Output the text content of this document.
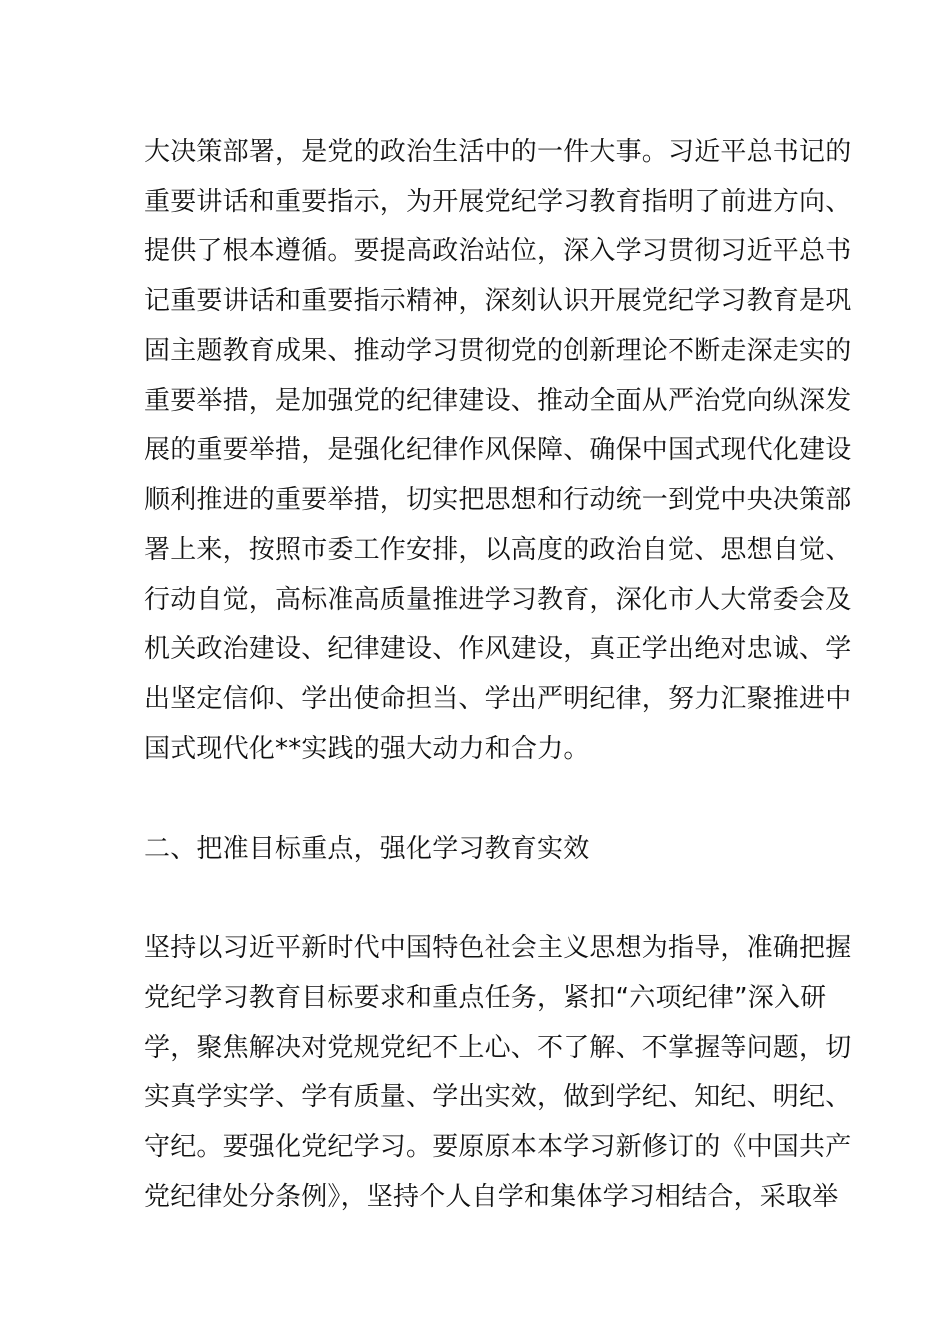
大决策部署，是党的政治生活中的一件大事。习近平总书记的
重要讲话和重要指示，为开展党纪学习教育指明了前进方向、
提供了根本遵循。要提高政治站位，深入学习贯彻习近平总书
记重要讲话和重要指示精神，深刻认识开展党纪学习教育是巩
固主题教育成果、推动学习贯彻党的创新理论不断走深走实的
重要举措，是加强党的纪律建设、推动全面从严治党向纵深发
展的重要举措，是强化纪律作风保障、确保中国式现代化建设
顺利推进的重要举措，切实把思想和行动统一到党中央决策部
署上来，按照市委工作安排，以高度的政治自觉、思想自觉、
行动自觉，高标准高质量推进学习教育，深化市人大常委会及
机关政治建设、纪律建设、作风建设，真正学出绝对忠诚、学
出坚定信仰、学出使命担当、学出严明纪律，努力汇聚推进中
国式现代化**实践的强大动力和合力。
二、把准目标重点，强化学习教育实效
坚持以习近平新时代中国特色社会主义思想为指导，准确把握
党纪学习教育目标要求和重点任务，紧扣“六项纪律”深入研
学，聚焦解决对党规党纪不上心、不了解、不掌握等问题，切
实真学实学、学有质量、学出实效，做到学纪、知纪、明纪、
守纪。要强化党纪学习。要原原本本学习新修订的《中国共产
党纪律处分条例》，坚持个人自学和集体学习相结合，采取举
